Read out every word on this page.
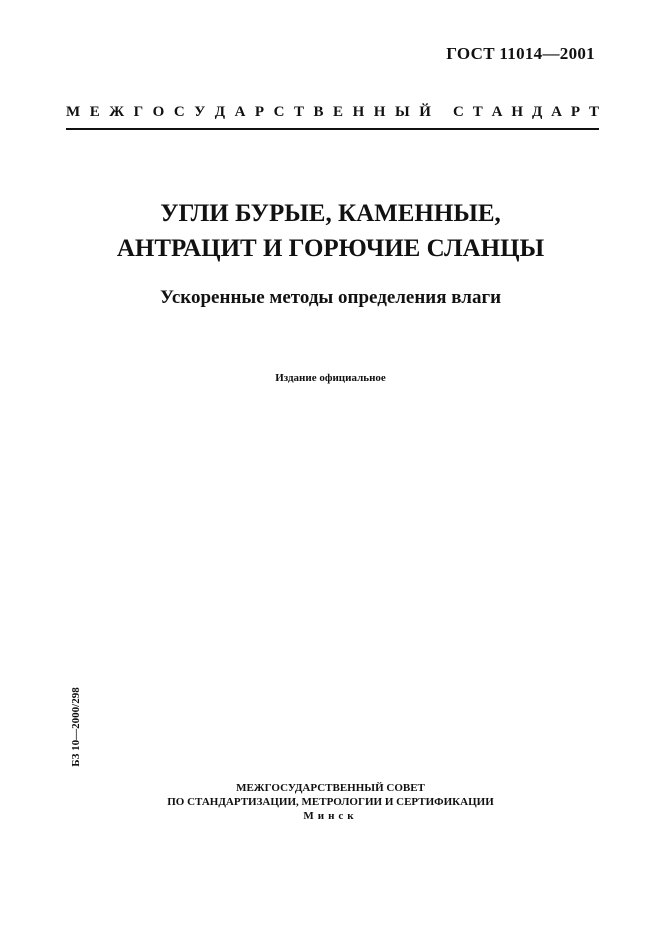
ГОСТ 11014—2001
М Е Ж Г О С У Д А Р С Т В Е Н Н Ы Й С Т А Н Д А Р Т
УГЛИ БУРЫЕ, КАМЕННЫЕ,
АНТРАЦИТ И ГОРЮЧИЕ СЛАНЦЫ
Ускоренные методы определения влаги
Издание официальное
БЗ 10—2000/298
МЕЖГОСУДАРСТВЕННЫЙ СОВЕТ
ПО СТАНДАРТИЗАЦИИ, МЕТРОЛОГИИ И СЕРТИФИКАЦИИ
Минск
